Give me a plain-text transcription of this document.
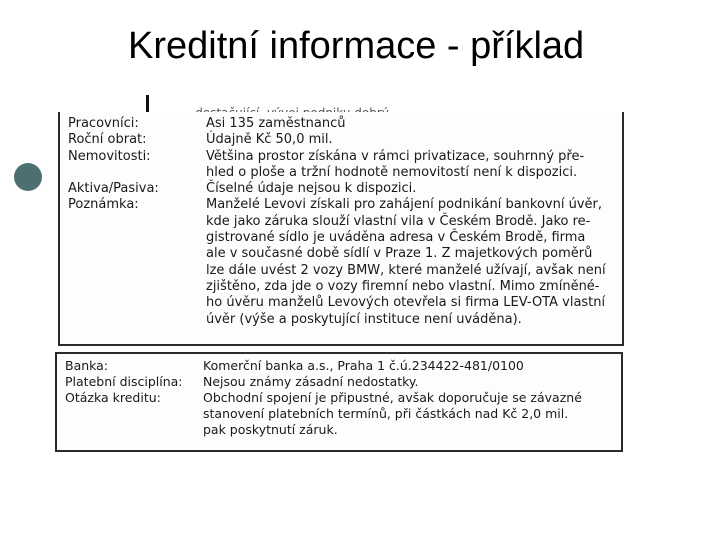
Kreditní informace - příklad
Pracovníci:
Roční obrat:
Nemovitosti:
Aktiva/Pasiva:
Poznámka:
Asi 135 zaměstnanců
Údajně Kč 50,0 mil.
Většina prostor získána v rámci privatizace, souhrnný pře-
hled o ploše a tržní hodnotě nemovitostí není k dispozici.
Číselné údaje nejsou k dispozici.
Manželé Levovi získali pro zahájení podnikání bankovní úvěr,
kde jako záruka slouží vlastní vila v Českém Brodě. Jako re-
gistrované sídlo je uváděna adresa v Českém Brodě, firma
ale v současné době sídlí v Praze 1. Z majetkových poměrů
lze dále uvést 2 vozy BMW, které manželé užívají, avšak není
zjištěno, zda jde o vozy firemní nebo vlastní. Mimo zmíněné-
ho úvěru manželů Levových otevřela si firma LEV-OTA vlastní
úvěr (výše a poskytující instituce není uváděna).
Banka:
Platební disciplína:
Otázka kreditu:
Komerční banka a.s., Praha 1 č.ú.234422-481/0100
Nejsou známy zásadní nedostatky.
Obchodní spojení je připustné, avšak doporučuje se závazné
stanovení platebních termínů, při částkách nad Kč 2,0 mil.
pak poskytnutí záruk.
